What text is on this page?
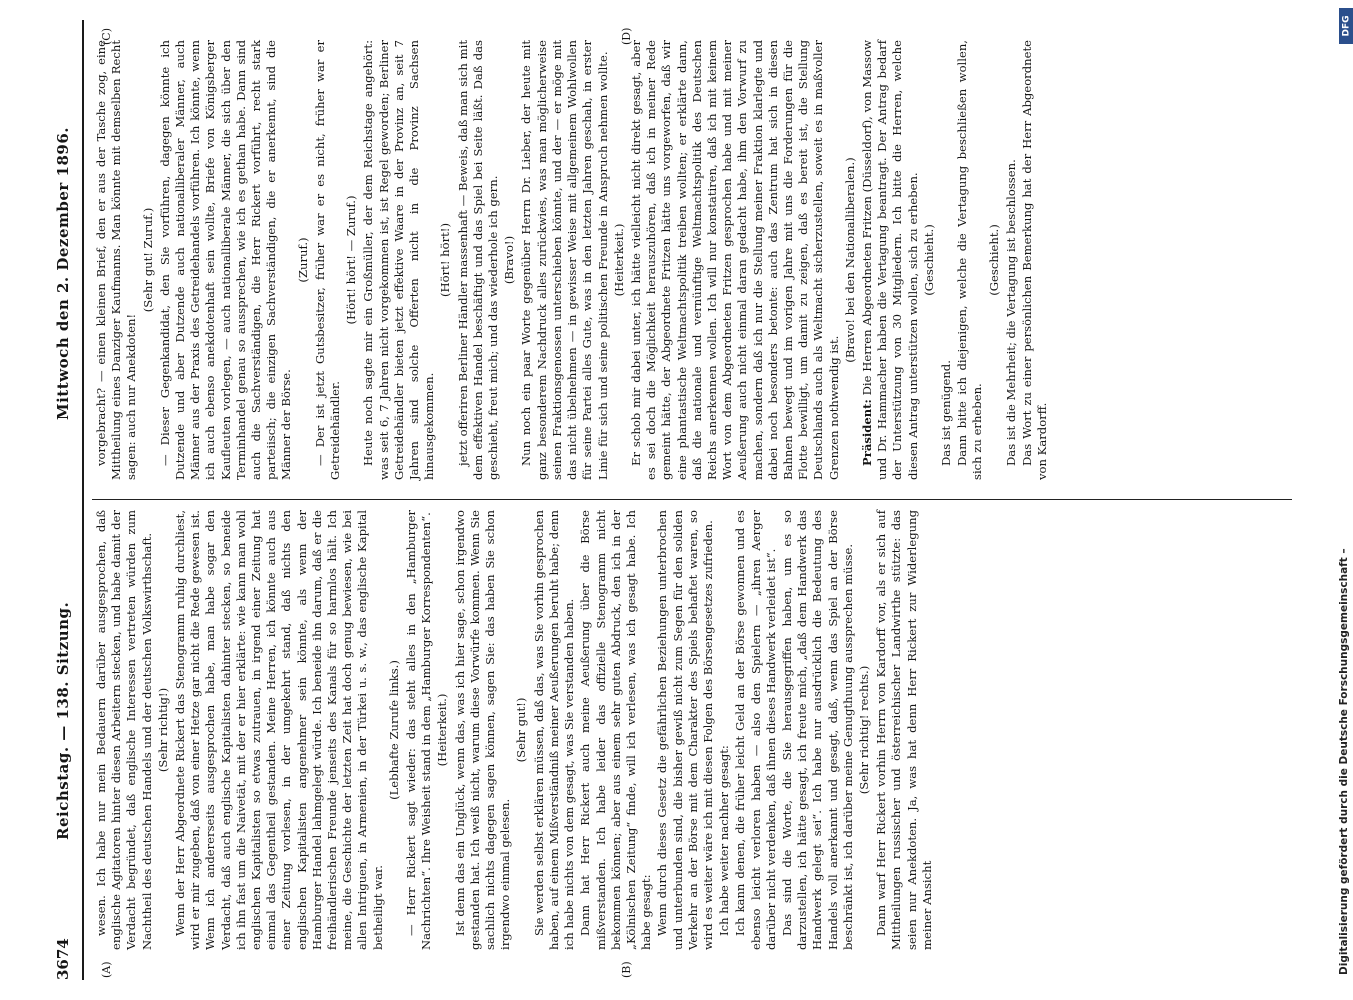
3674
Reichstag. — 138. Sitzung.
Mittwoch den 2. Dezember 1896.
(A)	(B)
(C)	(D)

wesen. Ich habe nur mein Bedauern darüber ausgesprochen, daß englische Agitatoren hinter diesen Arbeitern stecken, und habe damit der Verdacht begründet, daß englische Interessen vertreten würden zum Nachtheil des deutschen Handels und der deutschen Volkswirthschaft. (Sehr richtig!) Wenn der Herr Abgeordnete Rickert das Stenogramm ruhig durchliest, wird er mir zugeben, daß von einer Hetze gar nicht die Rede gewesen ist. Wenn ich andererseits ausgesprochen habe, man habe sogar den Verdacht, daß auch englische Kapitalisten dahinter stecken, so beneide ich ihn fast um die Naivetät, mit der er hier erklärte: wie kann man wohl englischen Kapitalisten so etwas zutrauen, in irgend einer Zeitung hat einmal das Gegentheil gestanden. Meine Herren, ich könnte auch aus einer Zeitung vorlesen, in der umgekehrt stand, daß nichts den englischen Kapitalisten angenehmer sein könnte, als wenn der Hamburger Handel lahmgelegt würde. Ich beneide ihn darum, daß er die freihändlerischen Freunde jenseits des Kanals für so harmlos hält. Ich meine, die Geschichte der letzten Zeit hat doch genug bewiesen, wie bei allen Intriguen, in Armenien, in der Türkei u. s. w., das englische Kapital betheiligt war.

(Lebhafte Zurufe links.) — Herr Rickert sagt wieder: das steht alles in den „Hamburger Nachrichten“. Ihre Weisheit stand in dem „Hamburger Korrespondenten“. (Heiterkeit.) Ist denn das ein Unglück, wenn das, was ich hier sage, schon irgendwo gestanden hat. Ich weiß nicht, warum diese Vorwürfe kommen. Wenn Sie sachlich nichts dagegen sagen können, sagen Sie: das haben Sie schon irgendwo einmal gelesen.

(Sehr gut!) Sie werden selbst erklären müssen, daß das, was Sie vorhin gesprochen haben, auf einem Mißverständniß meiner Aeußerungen beruht habe; denn ich habe nichts von dem gesagt, was Sie verstanden haben. Dann hat Herr Rickert auch meine Aeußerung über die Börse mißverstanden. Ich habe leider das offizielle Stenogramm nicht bekommen können; aber aus einem sehr guten Abdruck, den ich in der „Kölnischen Zeitung“ finde, will ich verlesen, was ich gesagt habe. Ich habe gesagt: Wenn durch dieses Gesetz die gefährlichen Beziehungen unterbrochen und unterbunden sind, die bisher gewiß nicht zum Segen für den soliden Verkehr an der Börse mit dem Charakter des Spiels behaftet waren, so wird es weiter wäre ich mit diesen Folgen des Börsengesetzes zufrieden. Ich habe weiter nachher gesagt: Ich kann denen, die früher leicht Geld an der Börse gewonnen und es ebenso leicht verloren haben — also den Spielern — „ihren Aerger darüber nicht verdenken, daß ihnen dieses Handwerk verleidet ist“. Das sind die Worte, die Sie herausgegriffen haben, um es so darzustellen, ich hätte gesagt, ich freute mich, „daß dem Handwerk das Handwerk gelegt sei“. Ich habe nur ausdrücklich die Bedeutung des Handels voll anerkannt und gesagt, daß, wenn das Spiel an der Börse beschränkt ist, ich darüber meine Genugthuung aussprechen müsse. (Sehr richtig! rechts.) Dann warf Herr Rickert vorhin Herrn von Kardorff vor, als er sich auf Mittheilungen russischer und österreichischer Landwirthe stützte: das seien nur Anekdoten. Ja, was hat denn Herr Rickert zur Widerlegung meiner Ansicht

vorgebracht? — einen kleinen Brief, den er aus der Tasche zog, eine Mittheilung eines Danziger Kaufmanns. Man könnte mit demselben Recht sagen: auch nur Anekdoten!

(Sehr gut! Zuruf.) — Dieser Gegenkandidat, den Sie vorführen, dagegen könnte ich Dutzende und aber Dutzende auch nationalliberaler Männer, auch Männer aus der Praxis des Getreidehandels vorführen. Ich könnte, wenn ich auch ebenso anekdotenhaft sein wollte, Briefe von Königsberger Kaufleuten vorlegen, — auch nationalliberale Männer, die sich über den Terminhandel genau so aussprechen, wie ich es gethan habe. Dann sind auch die Sachverständigen, die Herr Rickert vorführt, recht stark parteiisch; die einzigen Sachverständigen, die er anerkennt, sind die Männer der Börse.

(Zuruf.) — Der ist jetzt Gutsbesitzer, früher war er es nicht, früher war er Getreidehändler.

(Hört! hört! — Zuruf.) Heute noch sagte mir ein Großmüller, der dem Reichstage angehört: was seit 6, 7 Jahren nicht vorgekommen ist, ist Regel geworden; Berliner Getreidehändler bieten jetzt effektive Waare in der Provinz an, seit 7 Jahren sind solche Offerten nicht in die Provinz Sachsen hinausgekommen.

(Hört! hört!) jetzt offeriren Berliner Händler massenhaft — Beweis, daß man sich mit dem effektiven Handel beschäftigt und das Spiel bei Seite läßt. Daß das geschieht, freut mich; und das wiederhole ich gern. (Bravo!) Nun noch ein paar Worte gegenüber Herrn Dr. Lieber, der heute mit ganz besonderem Nachdruck alles zurückwies, was man möglicherweise seinen Fraktionsgenossen unterschieben könnte, und der — er möge mit das nicht übelnehmen — in gewisser Weise mit allgemeinem Wohlwollen für seine Partei alles Gute, was in den letzten Jahren geschah, in erster Linie für sich und seine politischen Freunde in Anspruch nehmen wollte. (Heiterkeit.) Er schob mir dabei unter, ich hätte vielleicht nicht direkt gesagt, aber es sei doch die Möglichkeit herauszuhören, daß ich in meiner Rede gemeint hätte, der Abgeordnete Fritzen hätte uns vorgeworfen, daß wir eine phantastische Weltmachtspolitik treiben wollten; er erklärte dann, daß die nationale und vernünftige Weltmachtspolitik des Deutschen Reichs anerkennen wollen. Ich will nur konstatiren, daß ich mit keinem Wort von dem Abgeordneten Fritzen gesprochen habe und mit meiner Aeußerung auch nicht einmal daran gedacht habe, ihm den Vorwurf zu machen, sondern daß ich nur die Stellung meiner Fraktion klarlegte und dabei noch besonders betonte: auch das Zentrum hat sich in diesen Bahnen bewegt und im vorigen Jahre mit uns die Forderungen für die Flotte bewilligt, um damit zu zeigen, daß es bereit ist, die Stellung Deutschlands auch als Weltmacht sicherzustellen, soweit es in maßvoller Grenzen nothwendig ist.

(Bravo! bei den Nationalliberalen.)

Präsident: Die Herren Abgeordneten Fritzen (Düsseldorf), von Massow und Dr. Hammacher haben die Vertagung beantragt. Der Antrag bedarf der Unterstützung von 30 Mitgliedern. Ich bitte die Herren, welche diesen Antrag unterstützen wollen, sich zu erheben. (Geschieht.)

Das ist genügend. Dann bitte ich diejenigen, welche die Vertagung beschließen wollen, sich zu erheben.

(Geschieht.) Das ist die Mehrheit; die Vertagung ist beschlossen. Das Wort zu einer persönlichen Bemerkung hat der Herr Abgeordnete von Kardorff.

Digitalisierung gefördert durch die Deutsche Forschungsgemeinschaft –
DFG
